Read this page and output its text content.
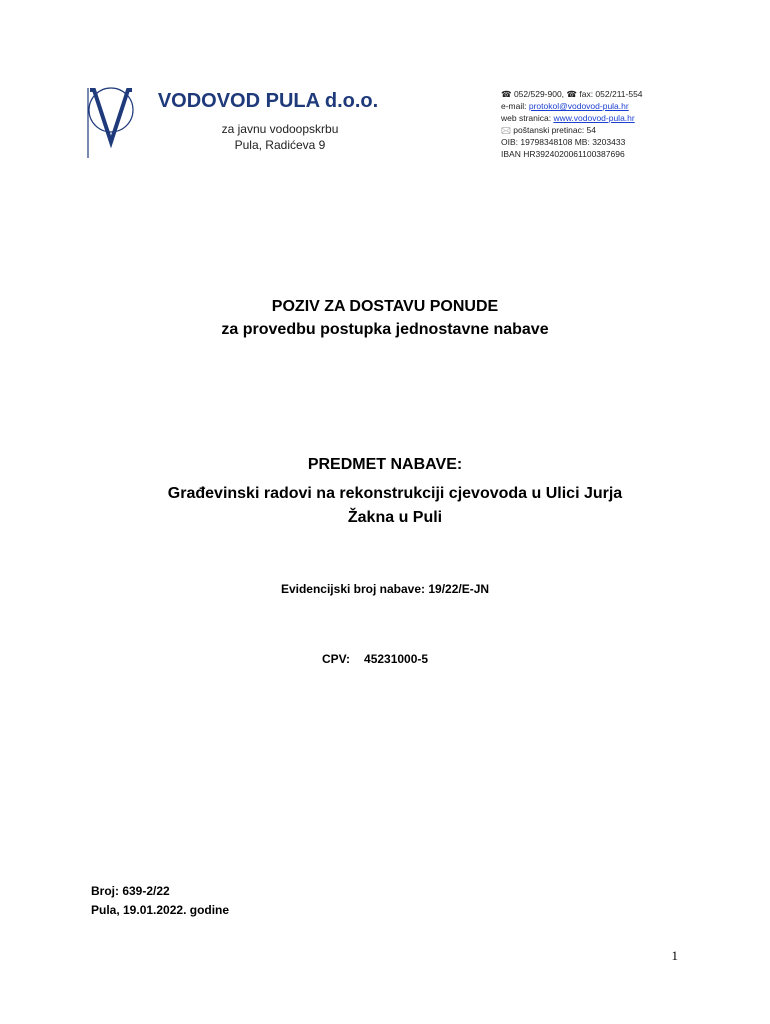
VODOVOD PULA d.o.o.
za javnu vodoopskrbu
Pula, Radićeva 9
☎ 052/529-900, ☎ fax: 052/211-554
e-mail: protokol@vodovod-pula.hr
web stranica: www.vodovod-pula.hr
🖂 poštanski pretinac: 54
OIB: 19798348108 MB: 3203433
IBAN HR3924020061100387696
POZIV ZA DOSTAVU PONUDE
za provedbu postupka jednostavne nabave
PREDMET NABAVE:
Građevinski radovi na rekonstrukciji cjevovoda u Ulici Jurja
Žakna u Puli
Evidencijski broj nabave: 19/22/E-JN
CPV: 45231000-5
Broj: 639-2/22
Pula, 19.01.2022. godine
1
